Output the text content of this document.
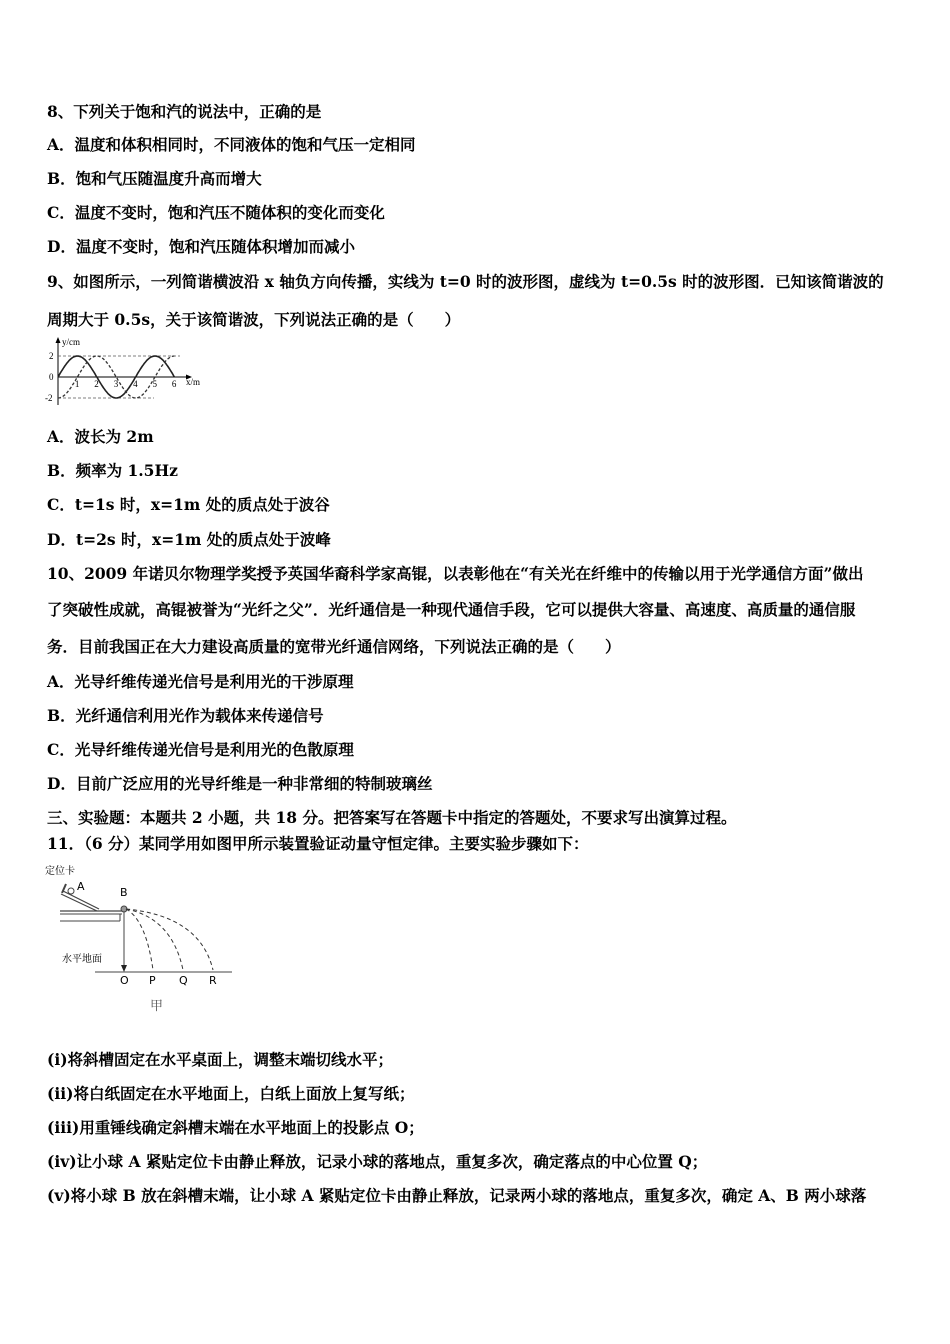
8、下列关于饱和汽的说法中，正确的是
A．温度和体积相同时，不同液体的饱和气压一定相同
B．饱和气压随温度升高而增大
C．温度不变时，饱和汽压不随体积的变化而变化
D．温度不变时，饱和汽压随体积增加而减小
9、如图所示，一列简谐横波沿 x 轴负方向传播，实线为 t=0 时的波形图，虚线为 t=0.5s 时的波形图．已知该简谐波的
周期大于 0.5s，关于该简谐波，下列说法正确的是（　　）
y/cm
x/m
2
0
-2
1 2 3 4 5 6
A．波长为 2m
B．频率为 1.5Hz
C．t=1s 时，x=1m 处的质点处于波谷
D．t=2s 时，x=1m 处的质点处于波峰
10、2009 年诺贝尔物理学奖授予英国华裔科学家高锟，以表彰他在“有关光在纤维中的传输以用于光学通信方面”做出
了突破性成就，高锟被誉为“光纤之父”．光纤通信是一种现代通信手段，它可以提供大容量、高速度、高质量的通信服
务．目前我国正在大力建设高质量的宽带光纤通信网络，下列说法正确的是（　　）
A．光导纤维传递光信号是利用光的干涉原理
B．光纤通信利用光作为载体来传递信号
C．光导纤维传递光信号是利用光的色散原理
D．目前广泛应用的光导纤维是一种非常细的特制玻璃丝
三、实验题：本题共 2 小题，共 18 分。把答案写在答题卡中指定的答题处，不要求写出演算过程。
11．（6 分）某同学用如图甲所示装置验证动量守恒定律。主要实验步骤如下：
定位卡
A	B
水平地面
O P Q R
甲
(i)将斜槽固定在水平桌面上，调整末端切线水平；
(ii)将白纸固定在水平地面上，白纸上面放上复写纸；
(iii)用重锤线确定斜槽末端在水平地面上的投影点 O；
(iv)让小球 A 紧贴定位卡由静止释放，记录小球的落地点，重复多次，确定落点的中心位置 Q；
(v)将小球 B 放在斜槽末端，让小球 A 紧贴定位卡由静止释放，记录两小球的落地点，重复多次，确定 A、B 两小球落
